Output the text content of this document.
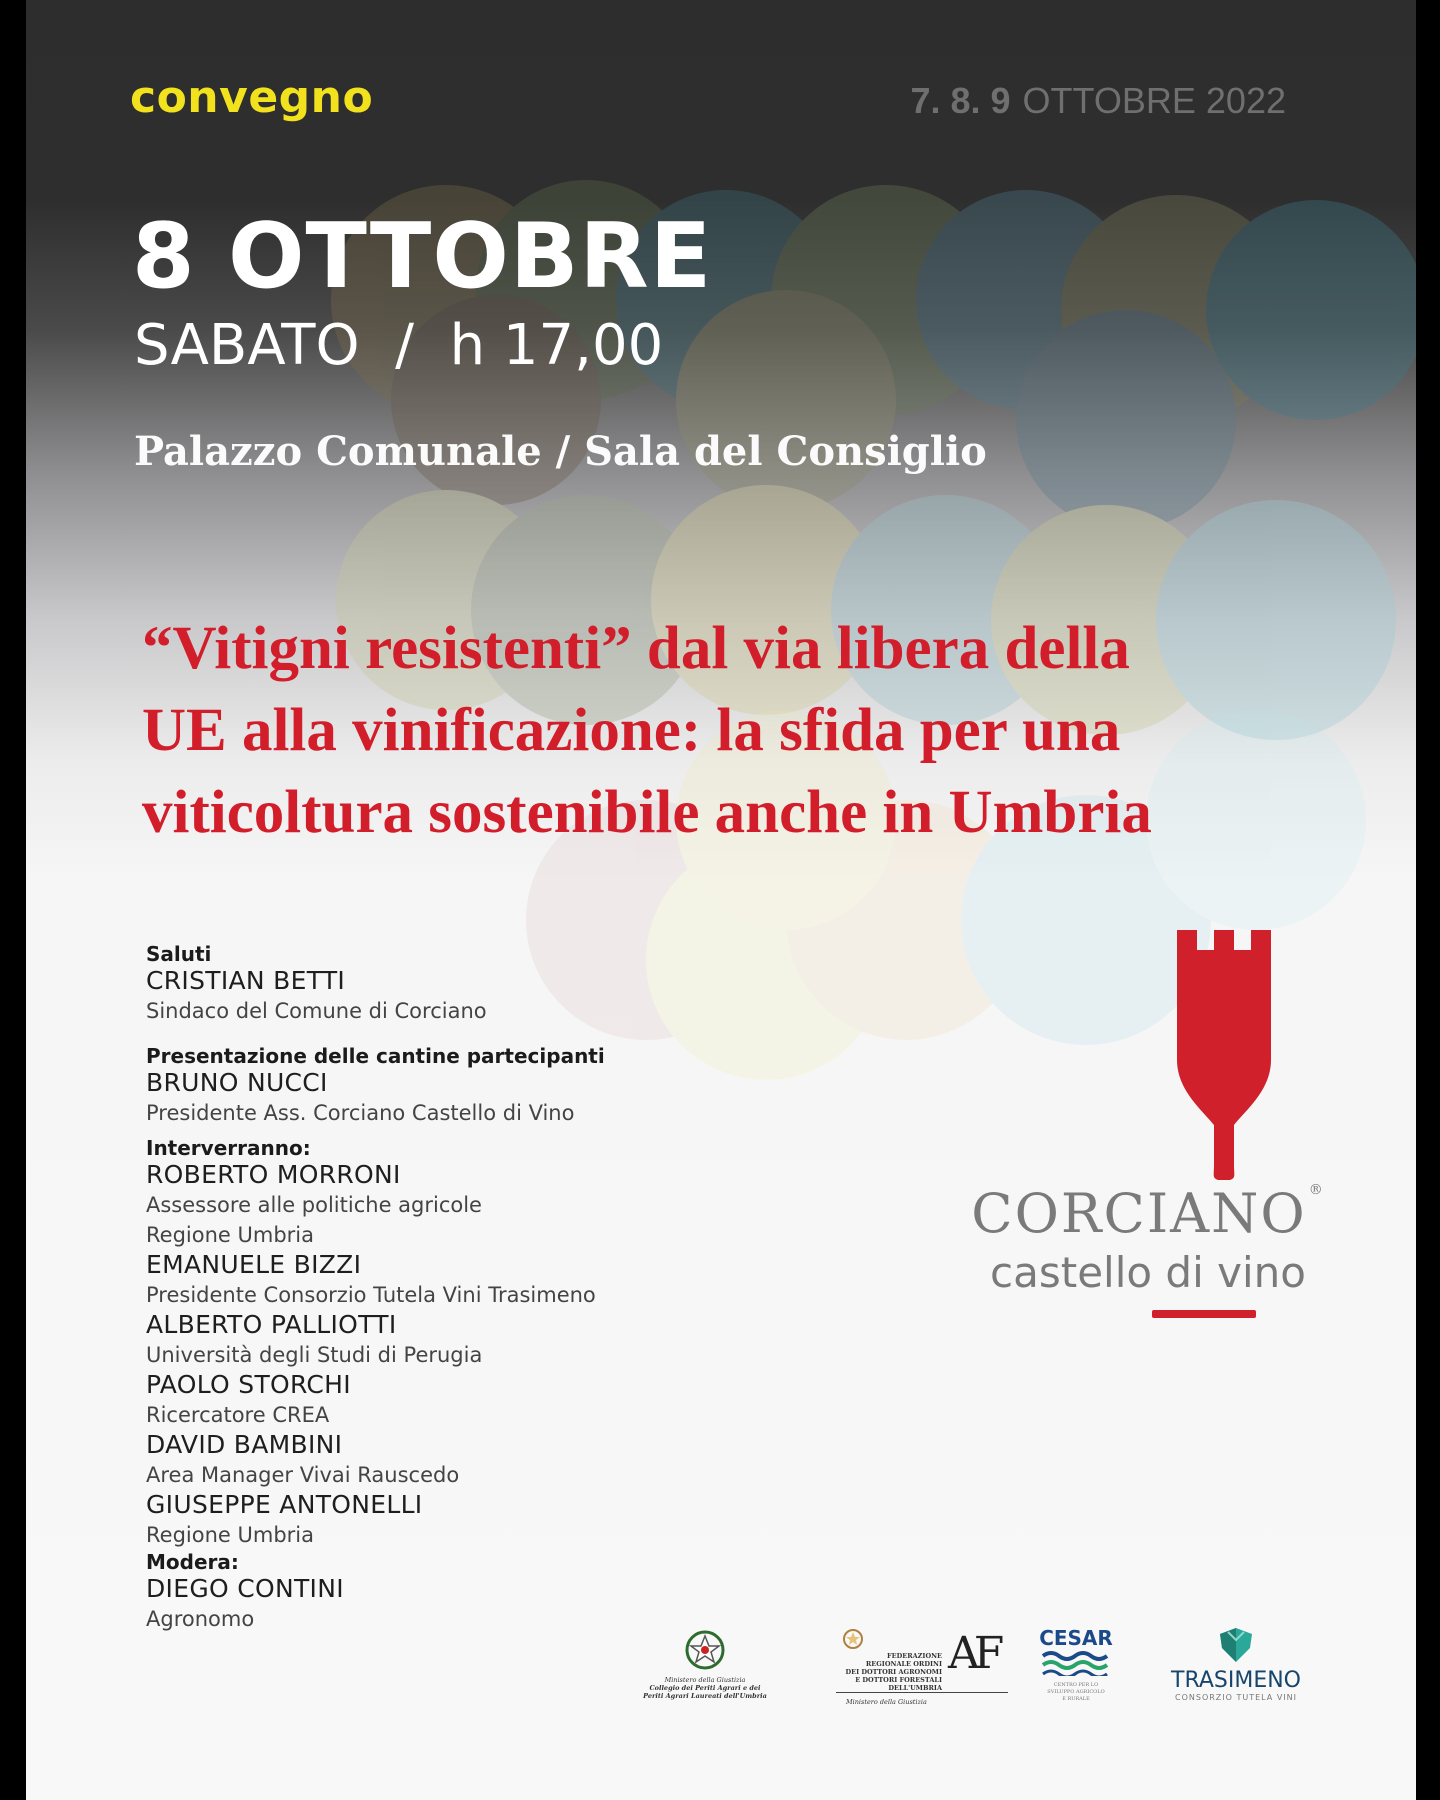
convegno	7. 8. 9 OTTOBRE 2022
8 OTTOBRE
SABATO  /  h 17,00
Palazzo Comunale / Sala del Consiglio
“Vitigni resistenti” dal via libera della
UE alla vinificazione: la sfida per una
viticoltura sostenibile anche in Umbria
Saluti
CRISTIAN BETTI
Sindaco del Comune di Corciano
Presentazione delle cantine partecipanti
BRUNO NUCCI
Presidente Ass. Corciano Castello di Vino
Interverranno:
ROBERTO MORRONI
Assessore alle politiche agricole
Regione Umbria
EMANUELE BIZZI
Presidente Consorzio Tutela Vini Trasimeno
ALBERTO PALLIOTTI
Università degli Studi di Perugia
PAOLO STORCHI
Ricercatore CREA
DAVID BAMBINI
Area Manager Vivai Rauscedo
GIUSEPPE ANTONELLI
Regione Umbria
Modera:
DIEGO CONTINI
Agronomo
CORCIANO ®
castello di vino
Ministero della Giustizia
Collegio dei Periti Agrari e dei
Periti Agrari Laureati dell'Umbria
FEDERAZIONE
REGIONALE ORDINI
DEI DOTTORI AGRONOMI
E DOTTORI FORESTALI
DELL'UMBRIA
AF
Ministero della Giustizia
CESAR
CENTRO PER LO SVILUPPO AGRICOLO E RURALE
TRASIMENO
CONSORZIO TUTELA VINI
